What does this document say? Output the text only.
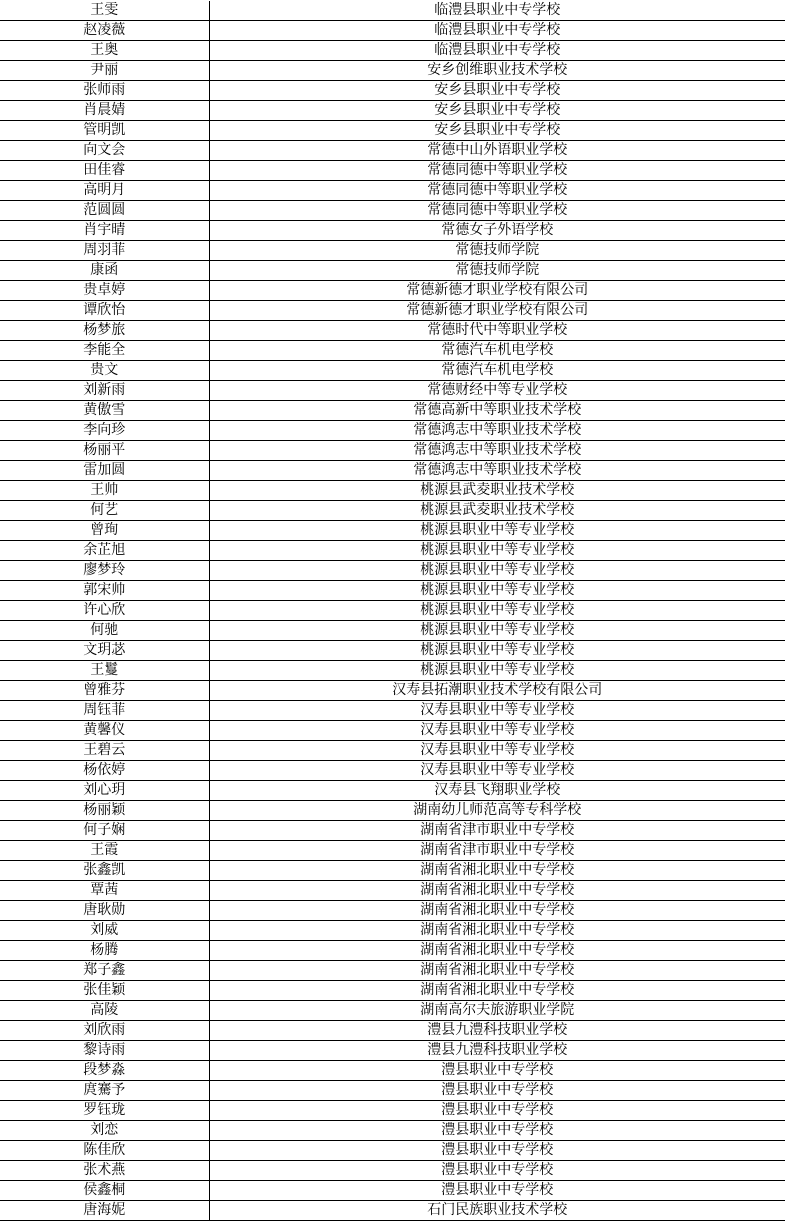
王雯	临澧县职业中专学校
赵凌薇	临澧县职业中专学校
王奥	临澧县职业中专学校
尹丽	安乡创维职业技术学校
张师雨	安乡县职业中专学校
肖晨婧	安乡县职业中专学校
管明凯	安乡县职业中专学校
向文会	常德中山外语职业学校
田佳睿	常德同德中等职业学校
高明月	常德同德中等职业学校
范圆圆	常德同德中等职业学校
肖宇晴	常德女子外语学校
周羽菲	常德技师学院
康函	常德技师学院
贵卓婷	常德新德才职业学校有限公司
谭欣怡	常德新德才职业学校有限公司
杨梦旅	常德时代中等职业学校
李能全	常德汽车机电学校
贵文	常德汽车机电学校
刘新雨	常德财经中等专业学校
黄傲雪	常德高新中等职业技术学校
李向珍	常德鸿志中等职业技术学校
杨丽平	常德鸿志中等职业技术学校
雷加圆	常德鸿志中等职业技术学校
王帅	桃源县武夌职业技术学校
何艺	桃源县武夌职业技术学校
曾珣	桃源县职业中等专业学校
余芷旭	桃源县职业中等专业学校
廖梦玲	桃源县职业中等专业学校
郭宋帅	桃源县职业中等专业学校
许心欣	桃源县职业中等专业学校
何驰	桃源县职业中等专业学校
文玥苾	桃源县职业中等专业学校
王鬘	桃源县职业中等专业学校
曾雅芬	汉寿县拓潮职业技术学校有限公司
周钰菲	汉寿县职业中等专业学校
黄馨仪	汉寿县职业中等专业学校
王碧云	汉寿县职业中等专业学校
杨依婷	汉寿县职业中等专业学校
刘心玥	汉寿县飞翔职业学校
杨丽颖	湖南幼儿师范高等专科学校
何子娴	湖南省津市职业中专学校
王霞	湖南省津市职业中专学校
张鑫凯	湖南省湘北职业中专学校
覃茜	湖南省湘北职业中专学校
唐耿勋	湖南省湘北职业中专学校
刘威	湖南省湘北职业中专学校
杨腾	湖南省湘北职业中专学校
郑子鑫	湖南省湘北职业中专学校
张佳颖	湖南省湘北职业中专学校
高陵	湖南高尔夫旅游职业学院
刘欣雨	澧县九澧科技职业学校
黎诗雨	澧县九澧科技职业学校
段梦淼	澧县职业中专学校
庹騫予	澧县职业中专学校
罗钰珑	澧县职业中专学校
刘恋	澧县职业中专学校
陈佳欣	澧县职业中专学校
张术燕	澧县职业中专学校
侯鑫桐	澧县职业中专学校
唐海妮	石门民族职业技术学校
